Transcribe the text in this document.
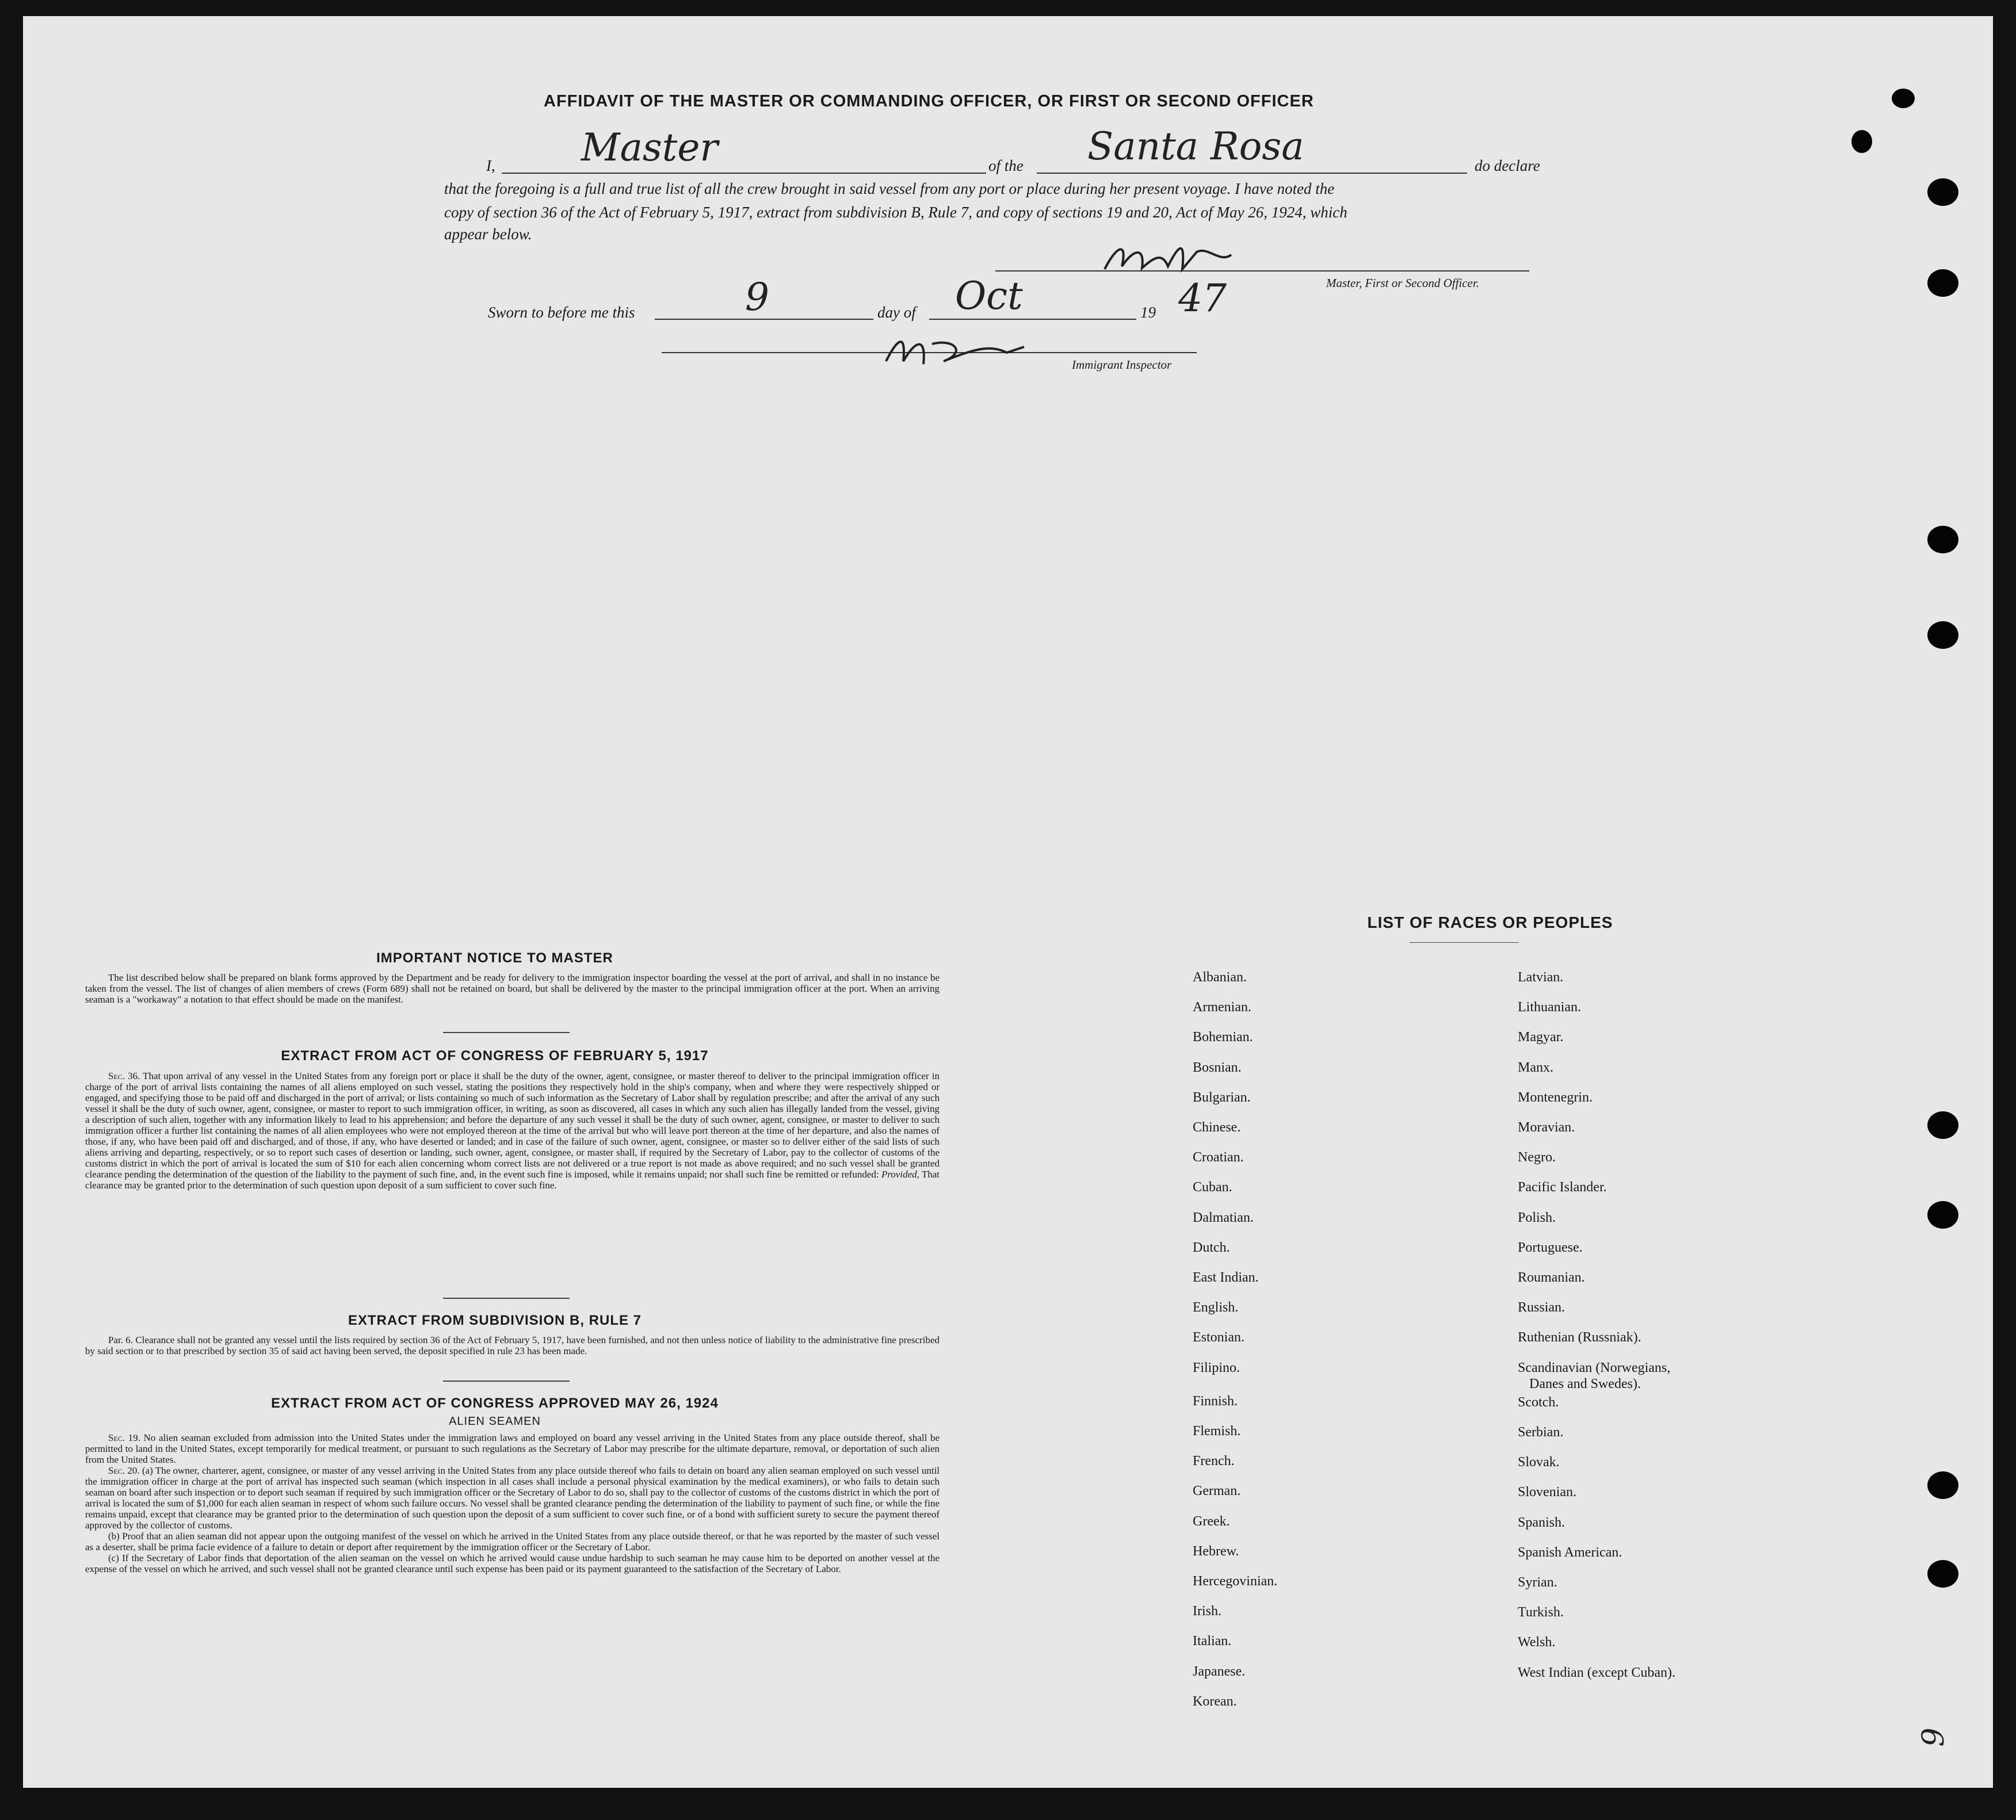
AFFIDAVIT OF THE MASTER OR COMMANDING OFFICER, OR FIRST OR SECOND OFFICER
I, Master	of the Santa Rosa	do declare
that the foregoing is a full and true list of all the crew brought in said vessel from any port or place during her present voyage. I have noted the
copy of section 36 of the Act of February 5, 1917, extract from subdivision B, Rule 7, and copy of sections 19 and 20, Act of May 26, 1924, which
appear below.
Master, First or Second Officer.
Sworn to before me this	9	day of Oct	19 47
Immigrant Inspector
IMPORTANT NOTICE TO MASTER
The list described below shall be prepared on blank forms approved by the Department and be ready for delivery to the immigration inspector boarding the vessel at the port of arrival, and shall in no instance be taken from the vessel. The list of changes of alien members of crews (Form 689) shall not be retained on board, but shall be delivered by the master to the principal immigration officer at the port. When an arriving seaman is a "workaway" a notation to that effect should be made on the manifest.
EXTRACT FROM ACT OF CONGRESS OF FEBRUARY 5, 1917
Sec. 36. That upon arrival of any vessel in the United States from any foreign port or place it shall be the duty of the owner, agent, consignee, or master thereof to deliver to the principal immigration officer in charge of the port of arrival lists containing the names of all aliens employed on such vessel, stating the positions they respectively hold in the ship's company, when and where they were respectively shipped or engaged, and specifying those to be paid off and discharged in the port of arrival; or lists containing so much of such information as the Secretary of Labor shall by regulation prescribe; and after the arrival of any such vessel it shall be the duty of such owner, agent, consignee, or master to report to such immigration officer, in writing, as soon as discovered, all cases in which any such alien has illegally landed from the vessel, giving a description of such alien, together with any information likely to lead to his apprehension; and before the departure of any such vessel it shall be the duty of such owner, agent, consignee, or master to deliver to such immigration officer a further list containing the names of all alien employees who were not employed thereon at the time of the arrival but who will leave port thereon at the time of her departure, and also the names of those, if any, who have been paid off and discharged, and of those, if any, who have deserted or landed; and in case of the failure of such owner, agent, consignee, or master so to deliver either of the said lists of such aliens arriving and departing, respectively, or so to report such cases of desertion or landing, such owner, agent, consignee, or master shall, if required by the Secretary of Labor, pay to the collector of customs of the customs district in which the port of arrival is located the sum of $10 for each alien concerning whom correct lists are not delivered or a true report is not made as above required; and no such vessel shall be granted clearance pending the determination of the question of the liability to the payment of such fine, and, in the event such fine is imposed, while it remains unpaid; nor shall such fine be remitted or refunded: Provided, That clearance may be granted prior to the determination of such question upon deposit of a sum sufficient to cover such fine.
EXTRACT FROM SUBDIVISION B, RULE 7
Par. 6. Clearance shall not be granted any vessel until the lists required by section 36 of the Act of February 5, 1917, have been furnished, and not then unless notice of liability to the administrative fine prescribed by said section or to that prescribed by section 35 of said act having been served, the deposit specified in rule 23 has been made.
EXTRACT FROM ACT OF CONGRESS APPROVED MAY 26, 1924
ALIEN SEAMEN
Sec. 19. No alien seaman excluded from admission into the United States under the immigration laws and employed on board any vessel arriving in the United States from any place outside thereof, shall be permitted to land in the United States, except temporarily for medical treatment, or pursuant to such regulations as the Secretary of Labor may prescribe for the ultimate departure, removal, or deportation of such alien from the United States.
Sec. 20. (a) The owner, charterer, agent, consignee, or master of any vessel arriving in the United States from any place outside thereof who fails to detain on board any alien seaman employed on such vessel until the immigration officer in charge at the port of arrival has inspected such seaman (which inspection in all cases shall include a personal physical examination by the medical examiners), or who fails to detain such seaman on board after such inspection or to deport such seaman if required by such immigration officer or the Secretary of Labor to do so, shall pay to the collector of customs of the customs district in which the port of arrival is located the sum of $1,000 for each alien seaman in respect of whom such failure occurs. No vessel shall be granted clearance pending the determination of the liability to payment of such fine, or while the fine remains unpaid, except that clearance may be granted prior to the determination of such question upon the deposit of a sum sufficient to cover such fine, or of a bond with sufficient surety to secure the payment thereof approved by the collector of customs.
(b) Proof that an alien seaman did not appear upon the outgoing manifest of the vessel on which he arrived in the United States from any place outside thereof, or that he was reported by the master of such vessel as a deserter, shall be prima facie evidence of a failure to detain or deport after requirement by the immigration officer or the Secretary of Labor.
(c) If the Secretary of Labor finds that deportation of the alien seaman on the vessel on which he arrived would cause undue hardship to such seaman he may cause him to be deported on another vessel at the expense of the vessel on which he arrived, and such vessel shall not be granted clearance until such expense has been paid or its payment guaranteed to the satisfaction of the Secretary of Labor.
LIST OF RACES OR PEOPLES
Albanian.
Armenian.
Bohemian.
Bosnian.
Bulgarian.
Chinese.
Croatian.
Cuban.
Dalmatian.
Dutch.
East Indian.
English.
Estonian.
Filipino.
Finnish.
Flemish.
French.
German.
Greek.
Hebrew.
Hercegovinian.
Irish.
Italian.
Japanese.
Korean.
Latvian.
Lithuanian.
Magyar.
Manx.
Montenegrin.
Moravian.
Negro.
Pacific Islander.
Polish.
Portuguese.
Roumanian.
Russian.
Ruthenian (Russniak).
Scandinavian (Norwegians,
Danes and Swedes).
Scotch.
Serbian.
Slovak.
Slovenian.
Spanish.
Spanish American.
Syrian.
Turkish.
Welsh.
West Indian (except Cuban).
6
